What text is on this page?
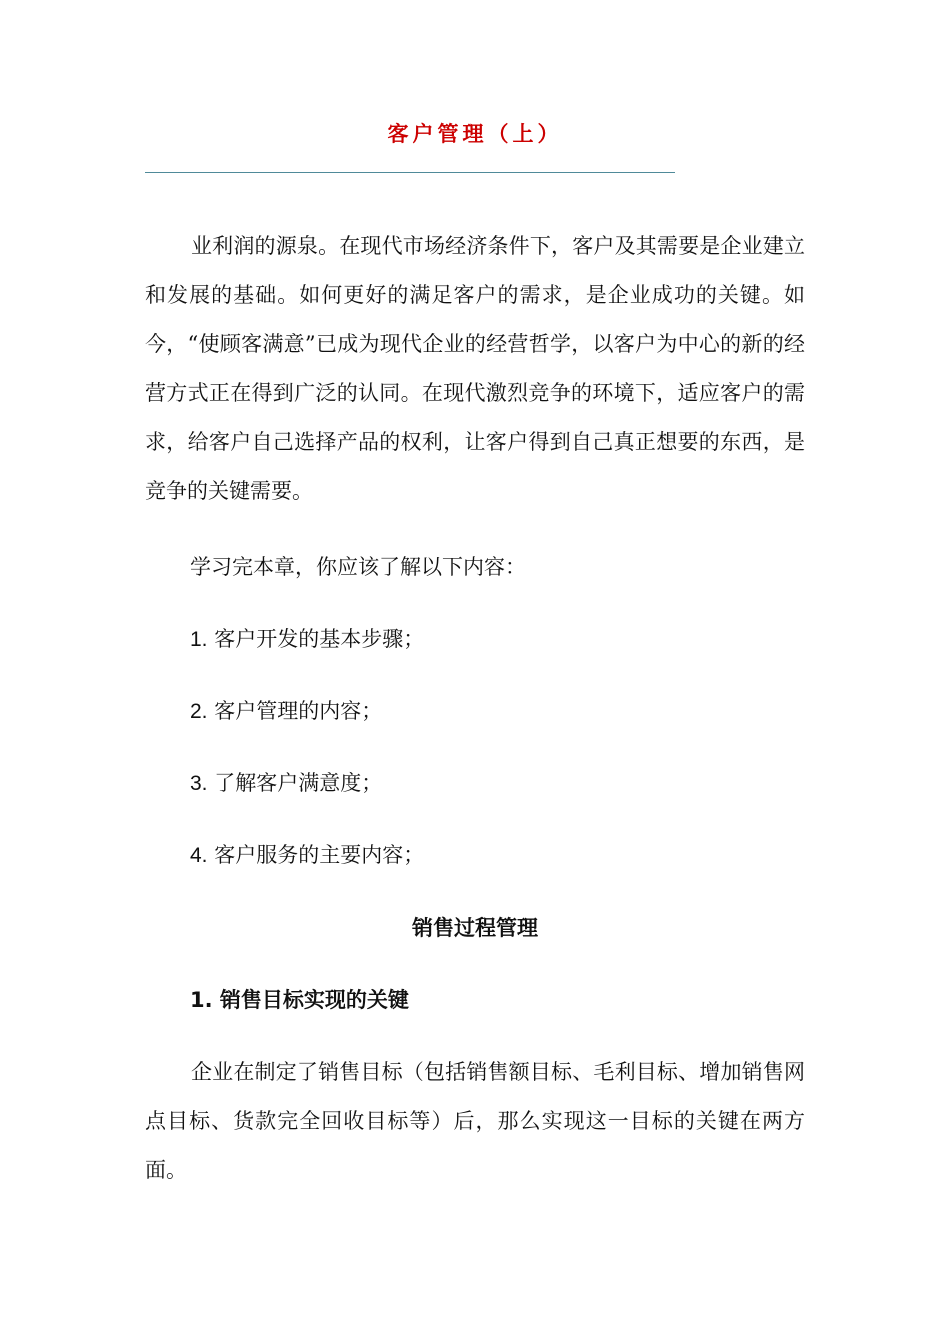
客户管理（上）

业利润的源泉。在现代市场经济条件下，客户及其需要是企业建立和发展的基础。如何更好的满足客户的需求，是企业成功的关键。如今，“使顾客满意”已成为现代企业的经营哲学，以客户为中心的新的经营方式正在得到广泛的认同。在现代激烈竞争的环境下，适应客户的需求，给客户自己选择产品的权利，让客户得到自己真正想要的东西，是竞争的关键需要。

学习完本章，你应该了解以下内容：
1. 客户开发的基本步骤；
2. 客户管理的内容；
3. 了解客户满意度；
4. 客户服务的主要内容；
销售过程管理
1. 销售目标实现的关键

企业在制定了销售目标（包括销售额目标、毛利目标、增加销售网点目标、货款完全回收目标等）后，那么实现这一目标的关键在两方面。
